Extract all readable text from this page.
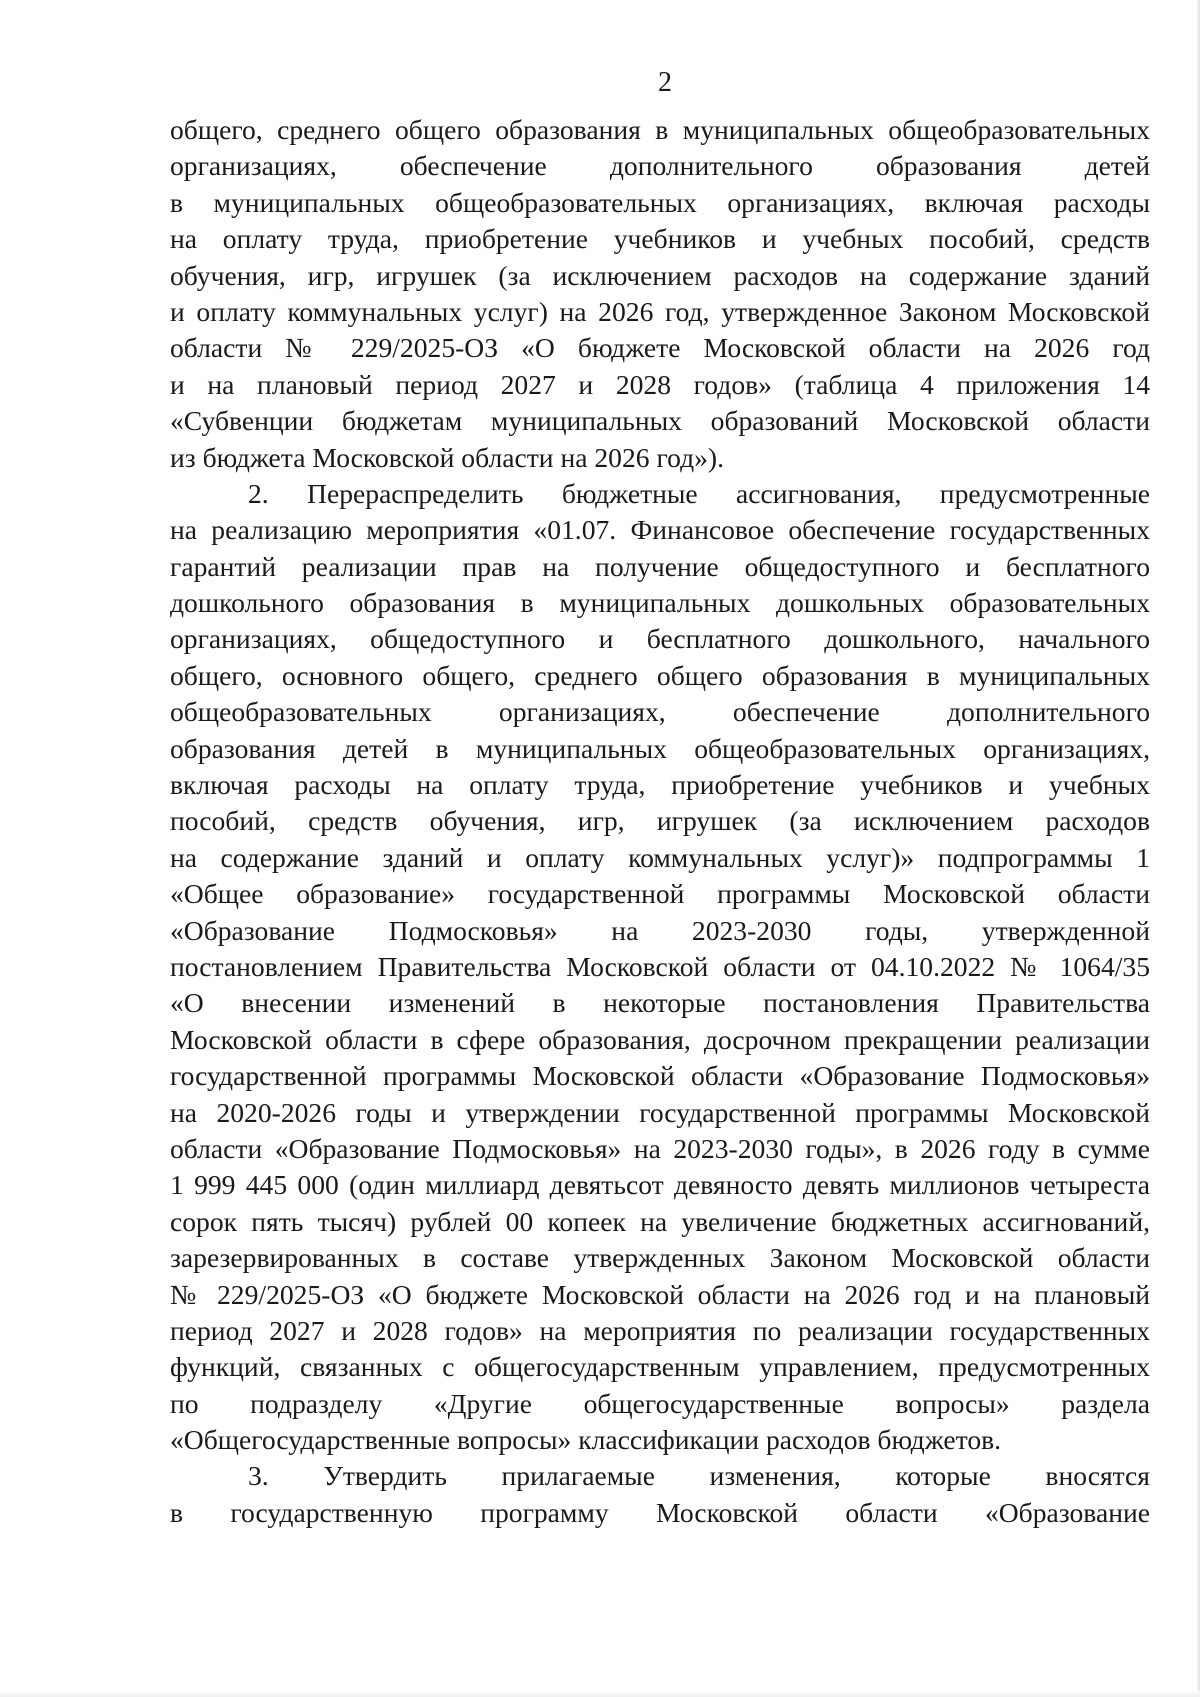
2
общего, среднего общего образования в муниципальных общеобразовательных
организациях, обеспечение дополнительного образования детей
в муниципальных общеобразовательных организациях, включая расходы
на оплату труда, приобретение учебников и учебных пособий, средств
обучения, игр, игрушек (за исключением расходов на содержание зданий
и оплату коммунальных услуг) на 2026 год, утвержденное Законом Московской
области № 229/2025-ОЗ «О бюджете Московской области на 2026 год
и на плановый период 2027 и 2028 годов» (таблица 4 приложения 14
«Субвенции бюджетам муниципальных образований Московской области
из бюджета Московской области на 2026 год»).
2. Перераспределить бюджетные ассигнования, предусмотренные
на реализацию мероприятия «01.07. Финансовое обеспечение государственных
гарантий реализации прав на получение общедоступного и бесплатного
дошкольного образования в муниципальных дошкольных образовательных
организациях, общедоступного и бесплатного дошкольного, начального
общего, основного общего, среднего общего образования в муниципальных
общеобразовательных организациях, обеспечение дополнительного
образования детей в муниципальных общеобразовательных организациях,
включая расходы на оплату труда, приобретение учебников и учебных
пособий, средств обучения, игр, игрушек (за исключением расходов
на содержание зданий и оплату коммунальных услуг)» подпрограммы 1
«Общее образование» государственной программы Московской области
«Образование Подмосковья» на 2023-2030 годы, утвержденной
постановлением Правительства Московской области от 04.10.2022 № 1064/35
«О внесении изменений в некоторые постановления Правительства
Московской области в сфере образования, досрочном прекращении реализации
государственной программы Московской области «Образование Подмосковья»
на 2020-2026 годы и утверждении государственной программы Московской
области «Образование Подмосковья» на 2023-2030 годы», в 2026 году в сумме
1 999 445 000 (один миллиард девятьсот девяносто девять миллионов четыреста
сорок пять тысяч) рублей 00 копеек на увеличение бюджетных ассигнований,
зарезервированных в составе утвержденных Законом Московской области
№ 229/2025-ОЗ «О бюджете Московской области на 2026 год и на плановый
период 2027 и 2028 годов» на мероприятия по реализации государственных
функций, связанных с общегосударственным управлением, предусмотренных
по подразделу «Другие общегосударственные вопросы» раздела
«Общегосударственные вопросы» классификации расходов бюджетов.
3. Утвердить прилагаемые изменения, которые вносятся
в государственную программу Московской области «Образование
